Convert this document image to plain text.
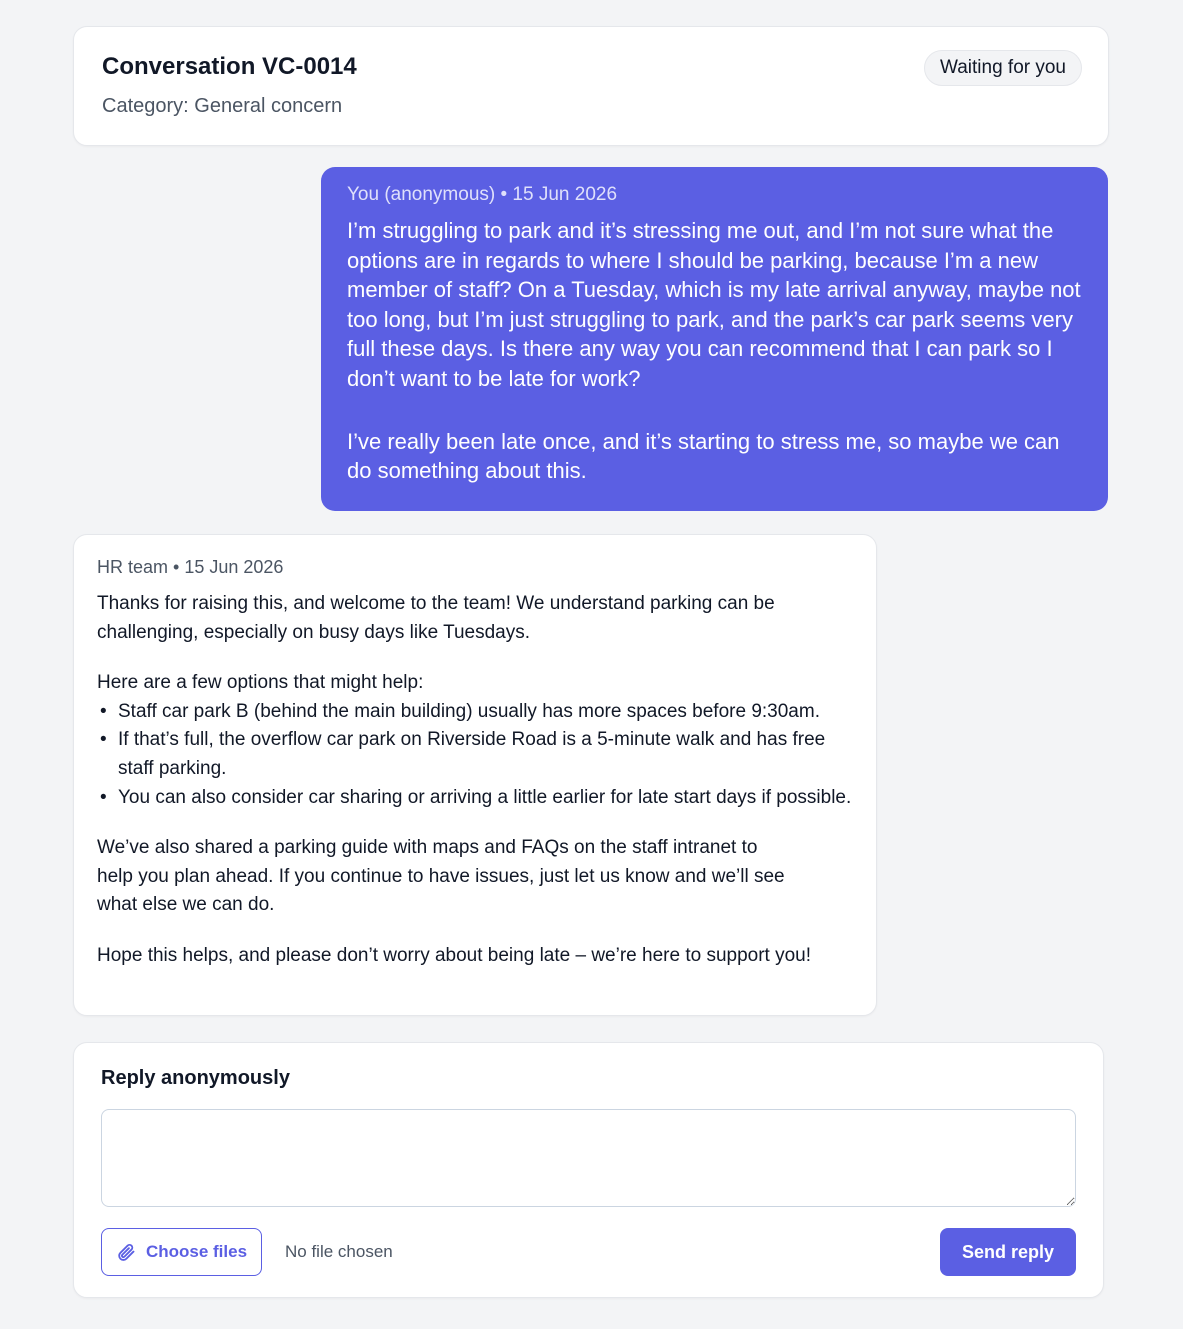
Conversation VC-0014
Category: General concern
Waiting for you
You (anonymous) • 15 Jun 2026

I’m struggling to park and it’s stressing me out, and I’m not sure what the options are in regards to where I should be parking, because I’m a new member of staff? On a Tuesday, which is my late arrival anyway, maybe not too long, but I’m just struggling to park, and the park’s car park seems very full these days. Is there any way you can recommend that I can park so I don’t want to be late for work?

I’ve really been late once, and it’s starting to stress me, so maybe we can do something about this.

HR team • 15 Jun 2026

Thanks for raising this, and welcome to the team! We understand parking can be challenging, especially on busy days like Tuesdays.

Here are a few options that might help:

• Staff car park B (behind the main building) usually has more spaces before 9:30am.
• If that’s full, the overflow car park on Riverside Road is a 5-minute walk and has free staff parking.
• You can also consider car sharing or arriving a little earlier for late start days if possible.

We’ve also shared a parking guide with maps and FAQs on the staff intranet to help you plan ahead. If you continue to have issues, just let us know and we’ll see what else we can do.

Hope this helps, and please don’t worry about being late – we’re here to support you!

Reply anonymously
Choose files No file chosen	Send reply
